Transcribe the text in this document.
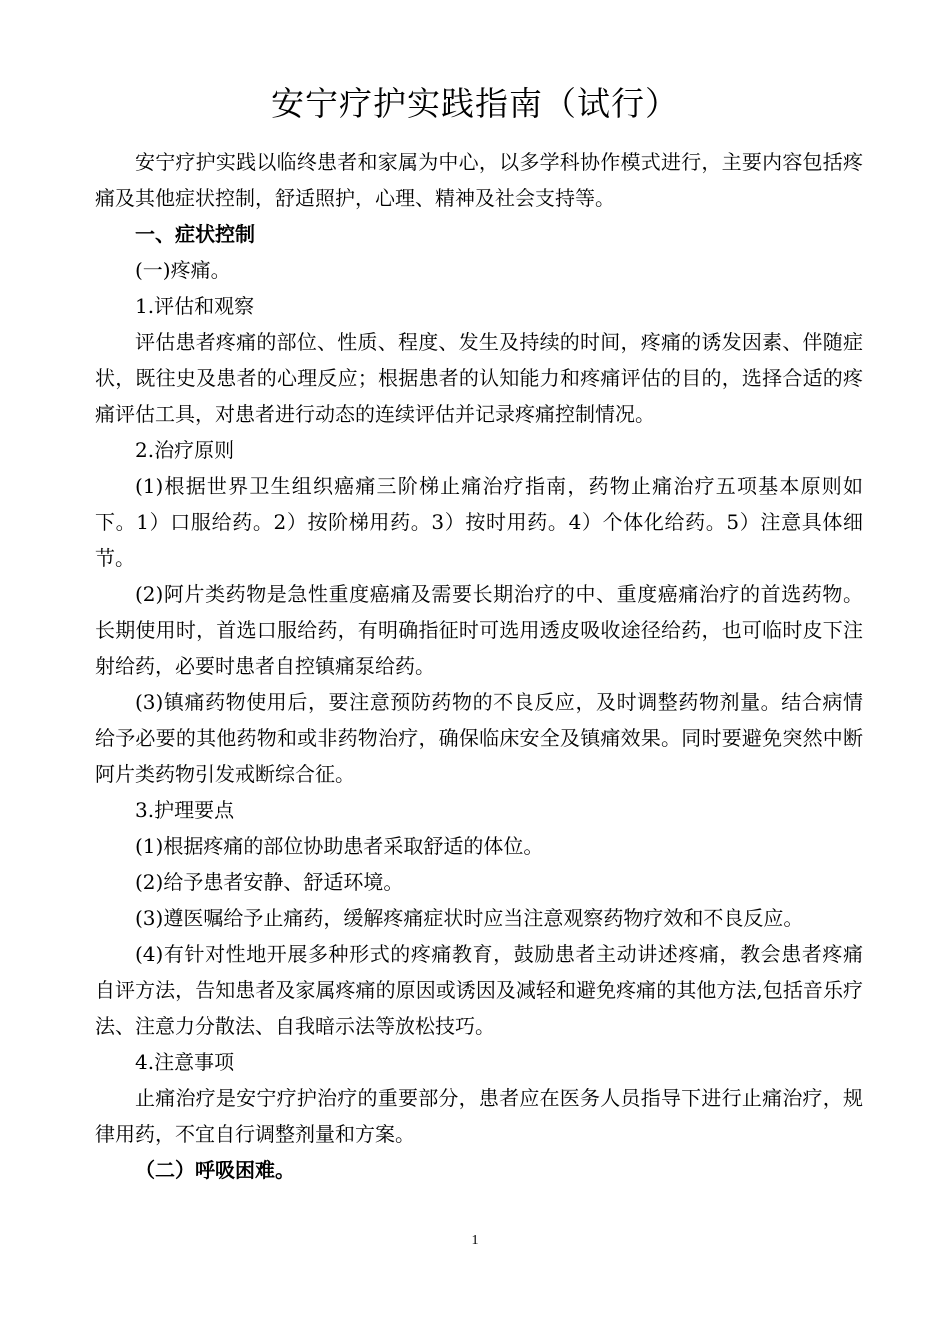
安宁疗护实践指南（试行）

安宁疗护实践以临终患者和家属为中心，以多学科协作模式进行，主要内容包括疼痛及其他症状控制，舒适照护，心理、精神及社会支持等。

一、症状控制

(一)疼痛。

1.评估和观察

评估患者疼痛的部位、性质、程度、发生及持续的时间，疼痛的诱发因素、伴随症状，既往史及患者的心理反应；根据患者的认知能力和疼痛评估的目的，选择合适的疼痛评估工具，对患者进行动态的连续评估并记录疼痛控制情况。

2.治疗原则

(1)根据世界卫生组织癌痛三阶梯止痛治疗指南，药物止痛治疗五项基本原则如下。1）口服给药。2）按阶梯用药。3）按时用药。4）个体化给药。5）注意具体细节。

(2)阿片类药物是急性重度癌痛及需要长期治疗的中、重度癌痛治疗的首选药物。长期使用时，首选口服给药，有明确指征时可选用透皮吸收途径给药，也可临时皮下注射给药，必要时患者自控镇痛泵给药。

(3)镇痛药物使用后，要注意预防药物的不良反应，及时调整药物剂量。结合病情给予必要的其他药物和或非药物治疗，确保临床安全及镇痛效果。同时要避免突然中断阿片类药物引发戒断综合征。

3.护理要点

(1)根据疼痛的部位协助患者采取舒适的体位。

(2)给予患者安静、舒适环境。

(3)遵医嘱给予止痛药，缓解疼痛症状时应当注意观察药物疗效和不良反应。

(4)有针对性地开展多种形式的疼痛教育，鼓励患者主动讲述疼痛，教会患者疼痛自评方法，告知患者及家属疼痛的原因或诱因及减轻和避免疼痛的其他方法,包括音乐疗法、注意力分散法、自我暗示法等放松技巧。

4.注意事项

止痛治疗是安宁疗护治疗的重要部分，患者应在医务人员指导下进行止痛治疗，规律用药，不宜自行调整剂量和方案。

（二）呼吸困难。

1
